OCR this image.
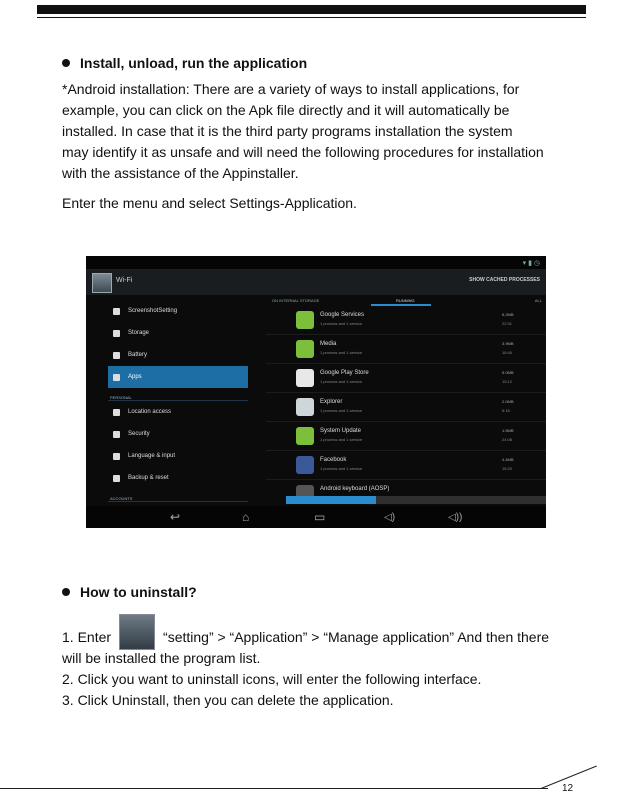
Install, unload, run the application

*Android installation: There are a variety of ways to install applications, for
example, you can click on the Apk file directly and it will automatically be
installed. In case that it is the third party programs installation the system
may identify it as unsafe and will need the following procedures for installation
with the assistance of the Appinstaller.

Enter the menu and select Settings-Application.

▾ ▮ ◷
Wi-Fi	SHOW CACHED PROCESSES
ScreenshotSetting
Storage
Battery
Apps
PERSONAL
Location access
Security
Language & input
Backup & reset
ACCOUNTS
ON INTERNAL STORAGE	RUNNING	ALL
Google Services
1 process and 1 service
6.2MB
22:31
Media
1 process and 1 service
3.9MB
18:45
Google Play Store
1 process and 1 service
5.0MB
15:12
Explorer
1 process and 1 service
2.0MB
6:18
System Update
1 process and 1 service
1.5MB
24:08
Facebook
1 process and 1 service
4.4MB
15:20
Android keyboard (AOSP)
↩	⌂	▭	◁)	◁))
How to uninstall?
1. Enter	“setting” > “Application” > “Manage application” And then there
will be installed the program list.
2. Click you want to uninstall icons, will enter the following interface.
3. Click Uninstall, then you can delete the application.
12
